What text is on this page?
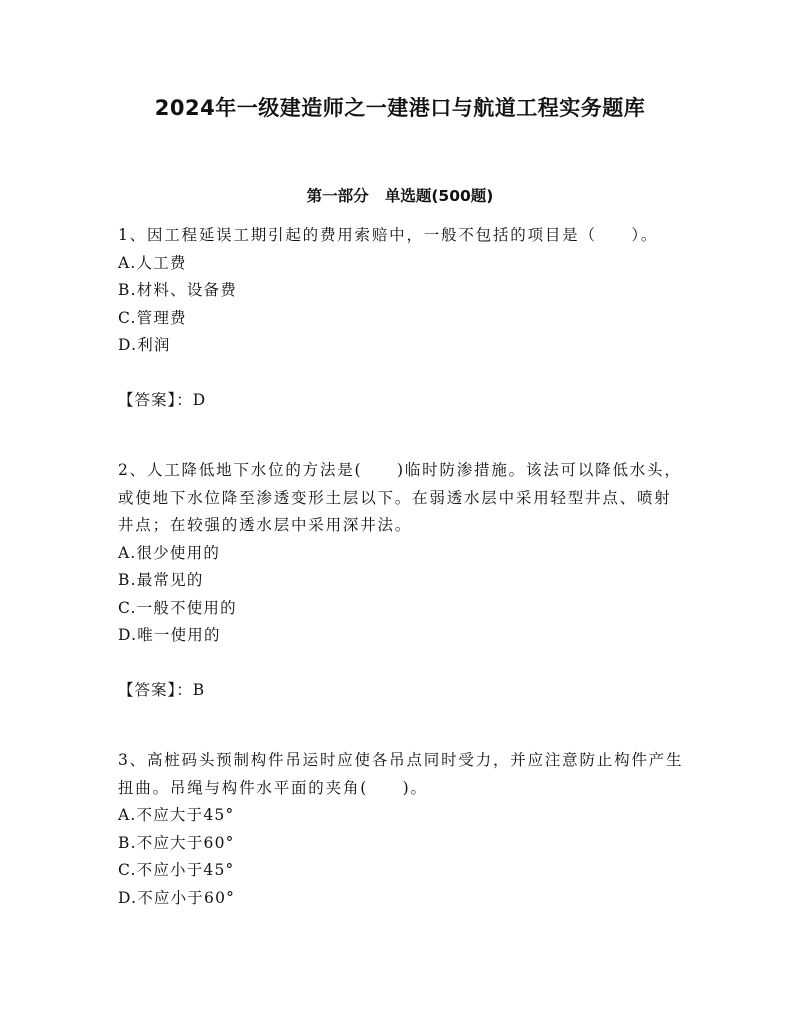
2024年一级建造师之一建港口与航道工程实务题库
第一部分   单选题(500题)
1、因工程延误工期引起的费用索赔中，一般不包括的项目是（　　）。
A.人工费
B.材料、设备费
C.管理费
D.利润
【答案】：D
2、人工降低地下水位的方法是(　　)临时防渗措施。该法可以降低水头，或使地下水位降至渗透变形土层以下。在弱透水层中采用轻型井点、喷射井点；在较强的透水层中采用深井法。
A.很少使用的
B.最常见的
C.一般不使用的
D.唯一使用的
【答案】：B
3、高桩码头预制构件吊运时应使各吊点同时受力，并应注意防止构件产生扭曲。吊绳与构件水平面的夹角(　　)。
A.不应大于45°
B.不应大于60°
C.不应小于45°
D.不应小于60°
